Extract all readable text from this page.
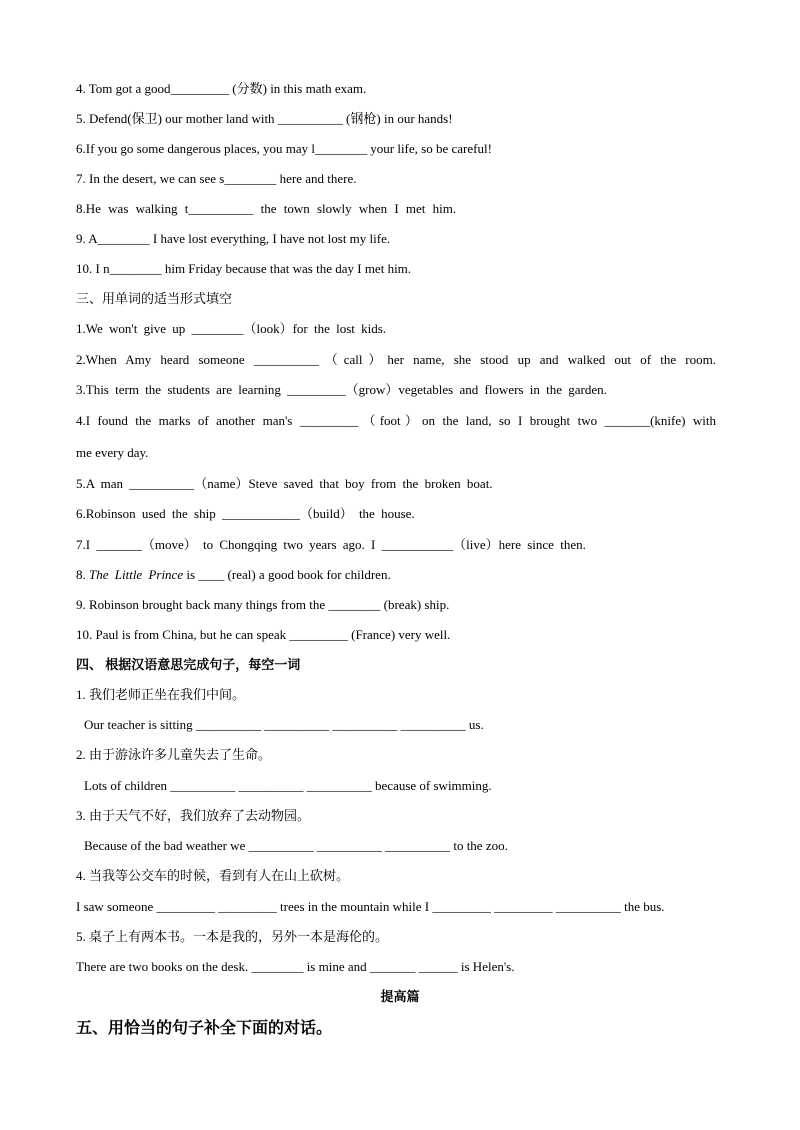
4. Tom got a good_________ (分数) in this math exam.
5. Defend(保卫) our mother land with __________ (钢枪) in our hands!
6.If you go some dangerous places, you may l________ your life, so be careful!
7. In the desert, we can see s________ here and there.
8.He was walking t__________ the town slowly when I met him.
9. A________ I have lost everything, I have not lost my life.
10. I n________ him Friday because that was the day I met him.
三、用单词的适当形式填空
1.We won't give up ________（look）for the lost kids.
2.When Amy heard someone __________（call）her name, she stood up and walked out of the room.
3.This term the students are learning _________（grow）vegetables and flowers in the garden.
4.I found the marks of another man's _________（foot）on the land, so I brought two _______(knife) with
me every day.
5.A man __________（name）Steve saved that boy from the broken boat.
6.Robinson used the ship ____________（build） the house.
7.I _______（move） to Chongqing two years ago. I ___________（live）here since then.
8. The Little Prince is ____ (real) a good book for children.
9. Robinson brought back many things from the ________ (break) ship.
10. Paul is from China, but he can speak _________ (France) very well.
四、 根据汉语意思完成句子，每空一词
1. 我们老师正坐在我们中间。
Our teacher is sitting __________ __________ __________ __________ us.
2. 由于游泳许多儿童失去了生命。
Lots of children __________ __________ __________ because of swimming.
3. 由于天气不好，我们放弃了去动物园。
Because of the bad weather we __________ __________ __________ to the zoo.
4. 当我等公交车的时候，看到有人在山上砍树。
I saw someone _________ _________ trees in the mountain while I _________ _________ __________ the bus.
5. 桌子上有两本书。一本是我的，另外一本是海伦的。
There are two books on the desk. ________ is mine and _______ ______ is Helen's.
提高篇
五、用恰当的句子补全下面的对话。
